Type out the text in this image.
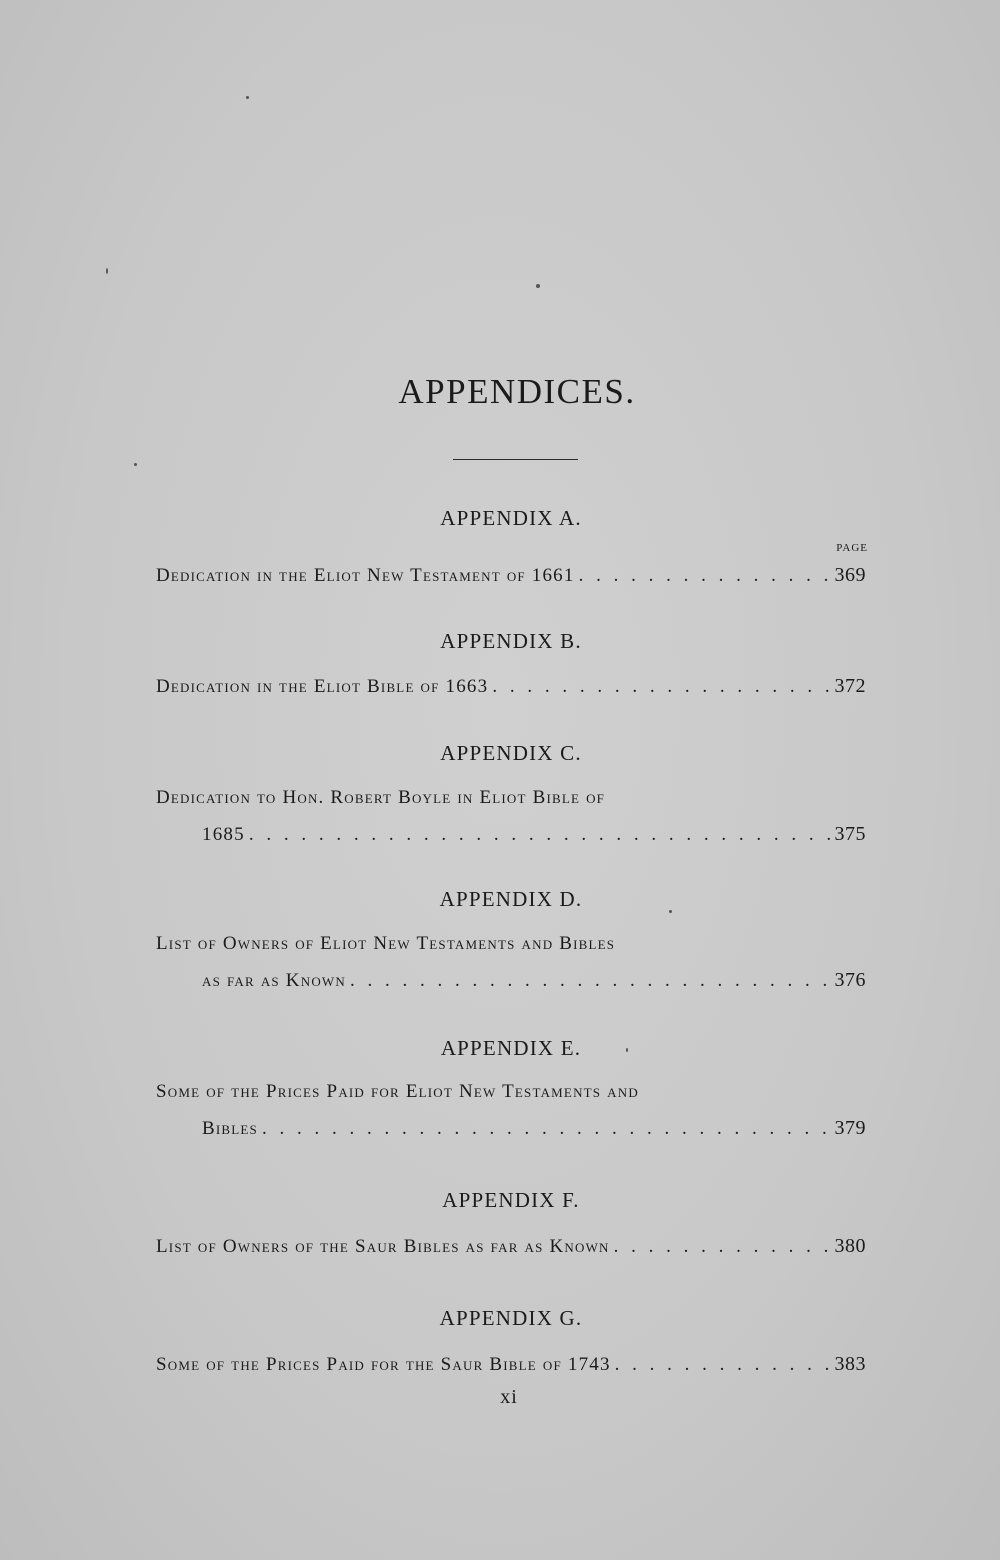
APPENDICES.
PAGE
APPENDIX A.
Dedication in the Eliot New Testament of 1661 . . .	369
APPENDIX B.
Dedication in the Eliot Bible of 1663 . . .	372
APPENDIX C.
Dedication to Hon. Robert Boyle in Eliot Bible of
1685 . . .	375
APPENDIX D.
List of Owners of Eliot New Testaments and Bibles
as far as Known . . .	376
APPENDIX E.
Some of the Prices Paid for Eliot New Testaments and
Bibles . . .	379
APPENDIX F.
List of Owners of the Saur Bibles as far as Known . . .	380
APPENDIX G.
Some of the Prices Paid for the Saur Bible of 1743 . . .	383
xi
